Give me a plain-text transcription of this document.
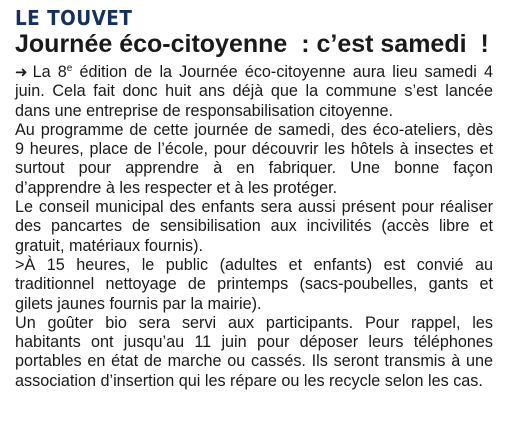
LE TOUVET
Journée éco-citoyenne  : c’est samedi  !

➜ La 8e édition de la Journée éco-citoyenne aura lieu samedi 4 juin. Cela fait donc huit ans déjà que la commune s’est lancée dans une entreprise de responsabilisation citoyenne.

Au programme de cette journée de samedi, des éco-ateliers, dès 9 heures, place de l’école, pour découvrir les hôtels à insectes et surtout pour apprendre à en fabriquer. Une bonne façon d’apprendre à les respecter et à les protéger.

Le conseil municipal des enfants sera aussi présent pour réaliser des pancartes de sensibilisation aux incivilités (accès libre et gratuit, matériaux fournis).

>À 15 heures, le public (adultes et enfants) est convié au traditionnel nettoyage de printemps (sacs-poubelles, gants et gilets jaunes fournis par la mairie).

Un goûter bio sera servi aux participants. Pour rappel, les habitants ont jusqu’au 11 juin pour déposer leurs téléphones portables en état de marche ou cassés. Ils seront transmis à une association d’insertion qui les répare ou les recycle selon les cas.
